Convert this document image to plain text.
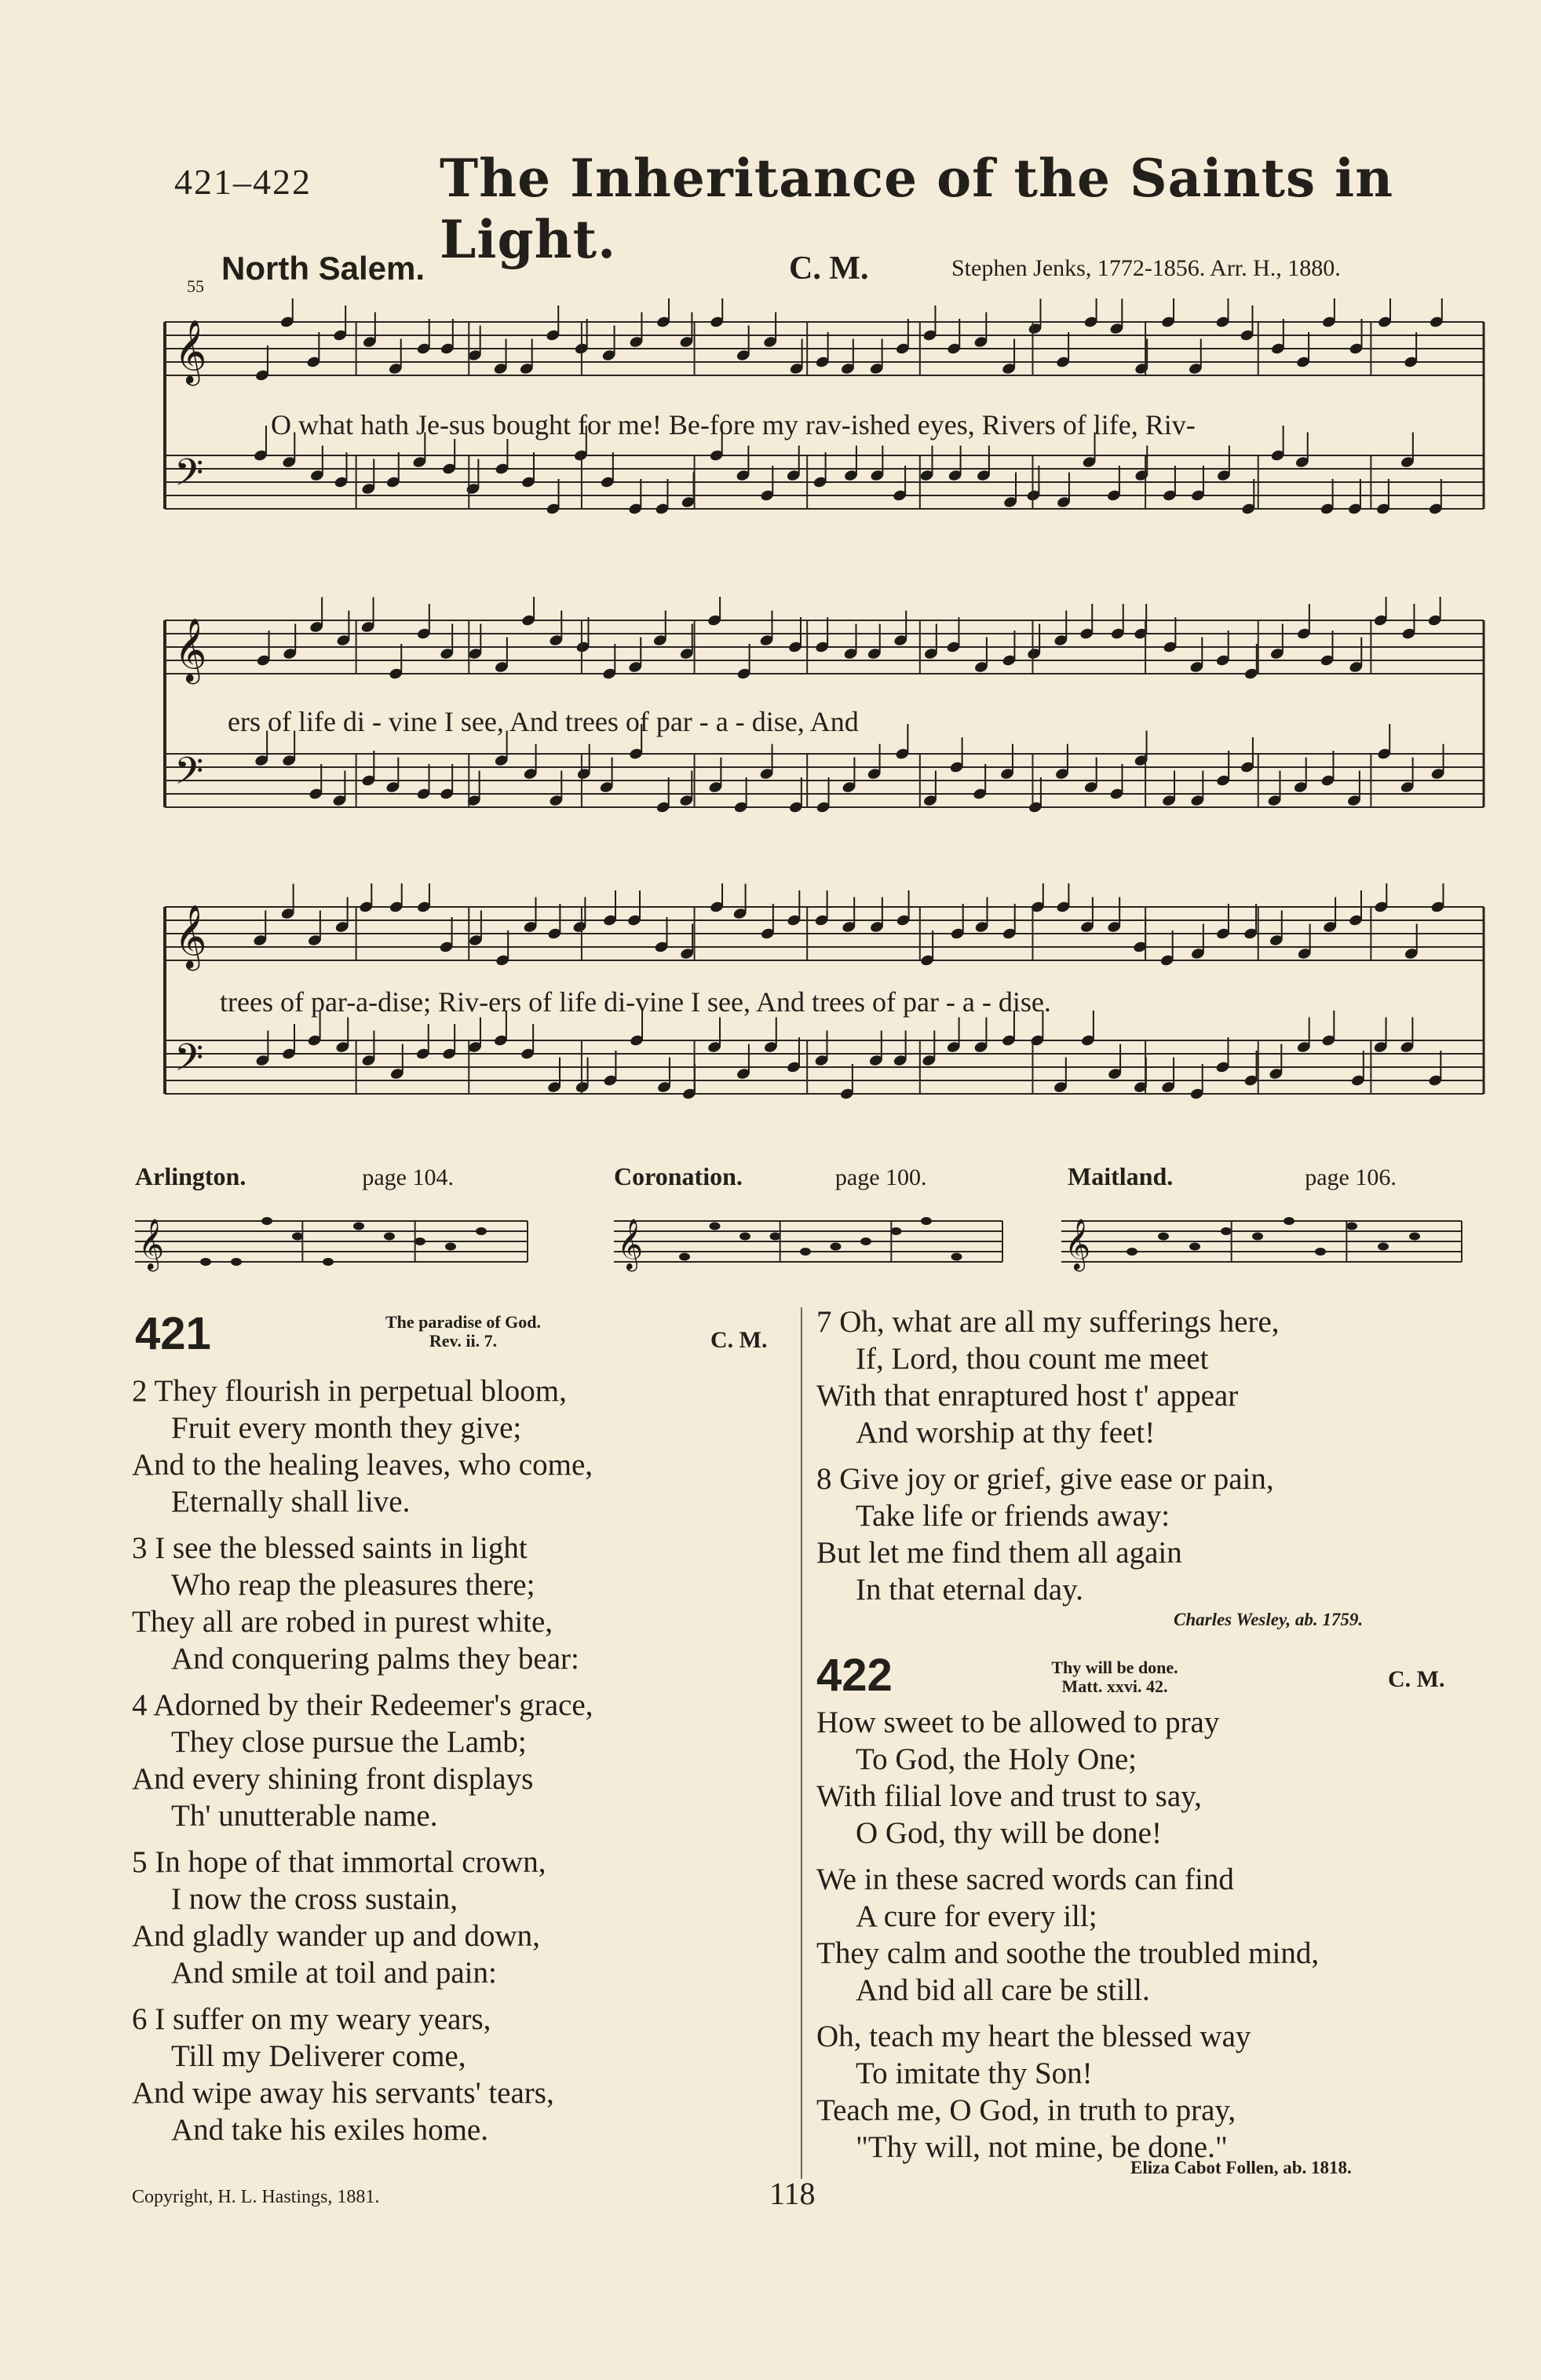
421–422 The Inheritance of the Saints in Light.
North Salem.	C. M.	Stephen Jenks, 1772-1856. Arr. H., 1880.
55
𝄞
𝄢
O what hath Je-sus bought for me! Be-fore my rav-ished eyes, Rivers of life, Riv-
𝄞
𝄢
ers of life di - vine I see, And trees of par - a - dise, And
𝄞
𝄢
trees of par-a-dise; Riv-ers of life di-vine I see, And trees of par - a - dise.
Arlington.	page 104.	Coronation.	page 100.	Maitland.	page 106.
𝄞	𝄞	𝄞
421	The paradise of God.
Rev. ii. 7.	C. M.
2 They flourish in perpetual bloom,
Fruit every month they give;
And to the healing leaves, who come,
Eternally shall live.
3 I see the blessed saints in light
Who reap the pleasures there;
They all are robed in purest white,
And conquering palms they bear:
4 Adorned by their Redeemer's grace,
They close pursue the Lamb;
And every shining front displays
Th' unutterable name.
5 In hope of that immortal crown,
I now the cross sustain,
And gladly wander up and down,
And smile at toil and pain:
6 I suffer on my weary years,
Till my Deliverer come,
And wipe away his servants' tears,
And take his exiles home.
7 Oh, what are all my sufferings here,
If, Lord, thou count me meet
With that enraptured host t' appear
And worship at thy feet!
8 Give joy or grief, give ease or pain,
Take life or friends away:
But let me find them all again
In that eternal day.
Charles Wesley, ab. 1759.
422	Thy will be done.
Matt. xxvi. 42.	C. M.
How sweet to be allowed to pray
To God, the Holy One;
With filial love and trust to say,
O God, thy will be done!
We in these sacred words can find
A cure for every ill;
They calm and soothe the troubled mind,
And bid all care be still.
Oh, teach my heart the blessed way
To imitate thy Son!
Teach me, O God, in truth to pray,
"Thy will, not mine, be done."
Eliza Cabot Follen, ab. 1818.
Copyright, H. L. Hastings, 1881.	118
